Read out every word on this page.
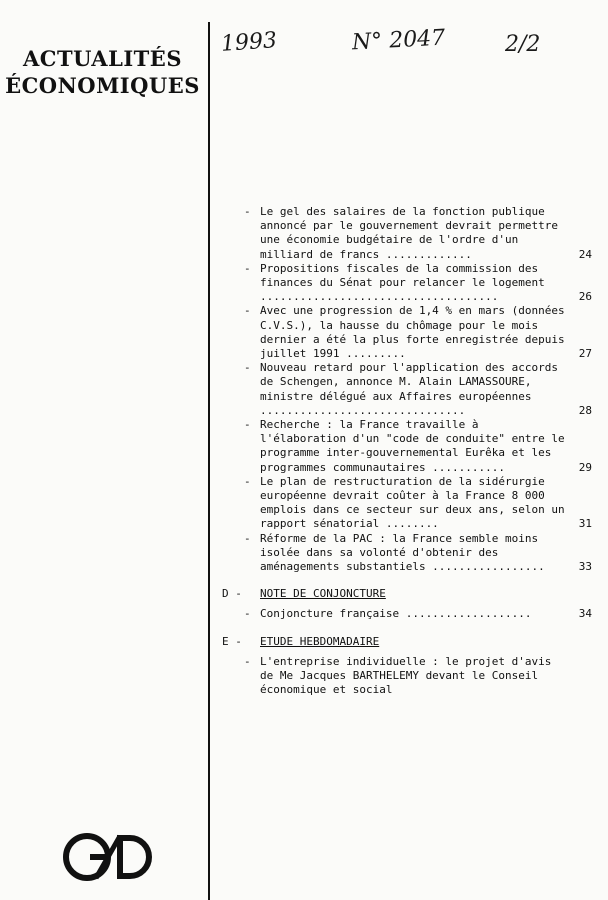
ACTUALITÉS
ÉCONOMIQUES
1993	N° 2047	2/2
- Le gel des salaires de la fonction publique annoncé par le gouvernement devrait permettre une économie budgétaire de l'ordre d'un milliard de francs .............	24
- Propositions fiscales de la commission des finances du Sénat pour relancer le logement ....................................	26
- Avec une progression de 1,4 % en mars (données C.V.S.), la hausse du chômage pour le mois dernier a été la plus forte enregistrée depuis juillet 1991 .........	27
- Nouveau retard pour l'application des accords de Schengen, annonce M. Alain LAMASSOURE, ministre délégué aux Affaires européennes ...............................	28
- Recherche : la France travaille à l'élaboration d'un "code de conduite" entre le programme inter-gouvernemental Eurêka et les programmes communautaires ...........	29
- Le plan de restructuration de la sidérurgie européenne devrait coûter à la France 8 000 emplois dans ce secteur sur deux ans, selon un rapport sénatorial ........	31
- Réforme de la PAC : la France semble moins isolée dans sa volonté d'obtenir des aménagements substantiels .................	33
D - NOTE DE CONJONCTURE
- Conjoncture française ...................	34
E - ETUDE HEBDOMADAIRE
- L'entreprise individuelle : le projet d'avis de Me Jacques BARTHELEMY devant le Conseil économique et social
